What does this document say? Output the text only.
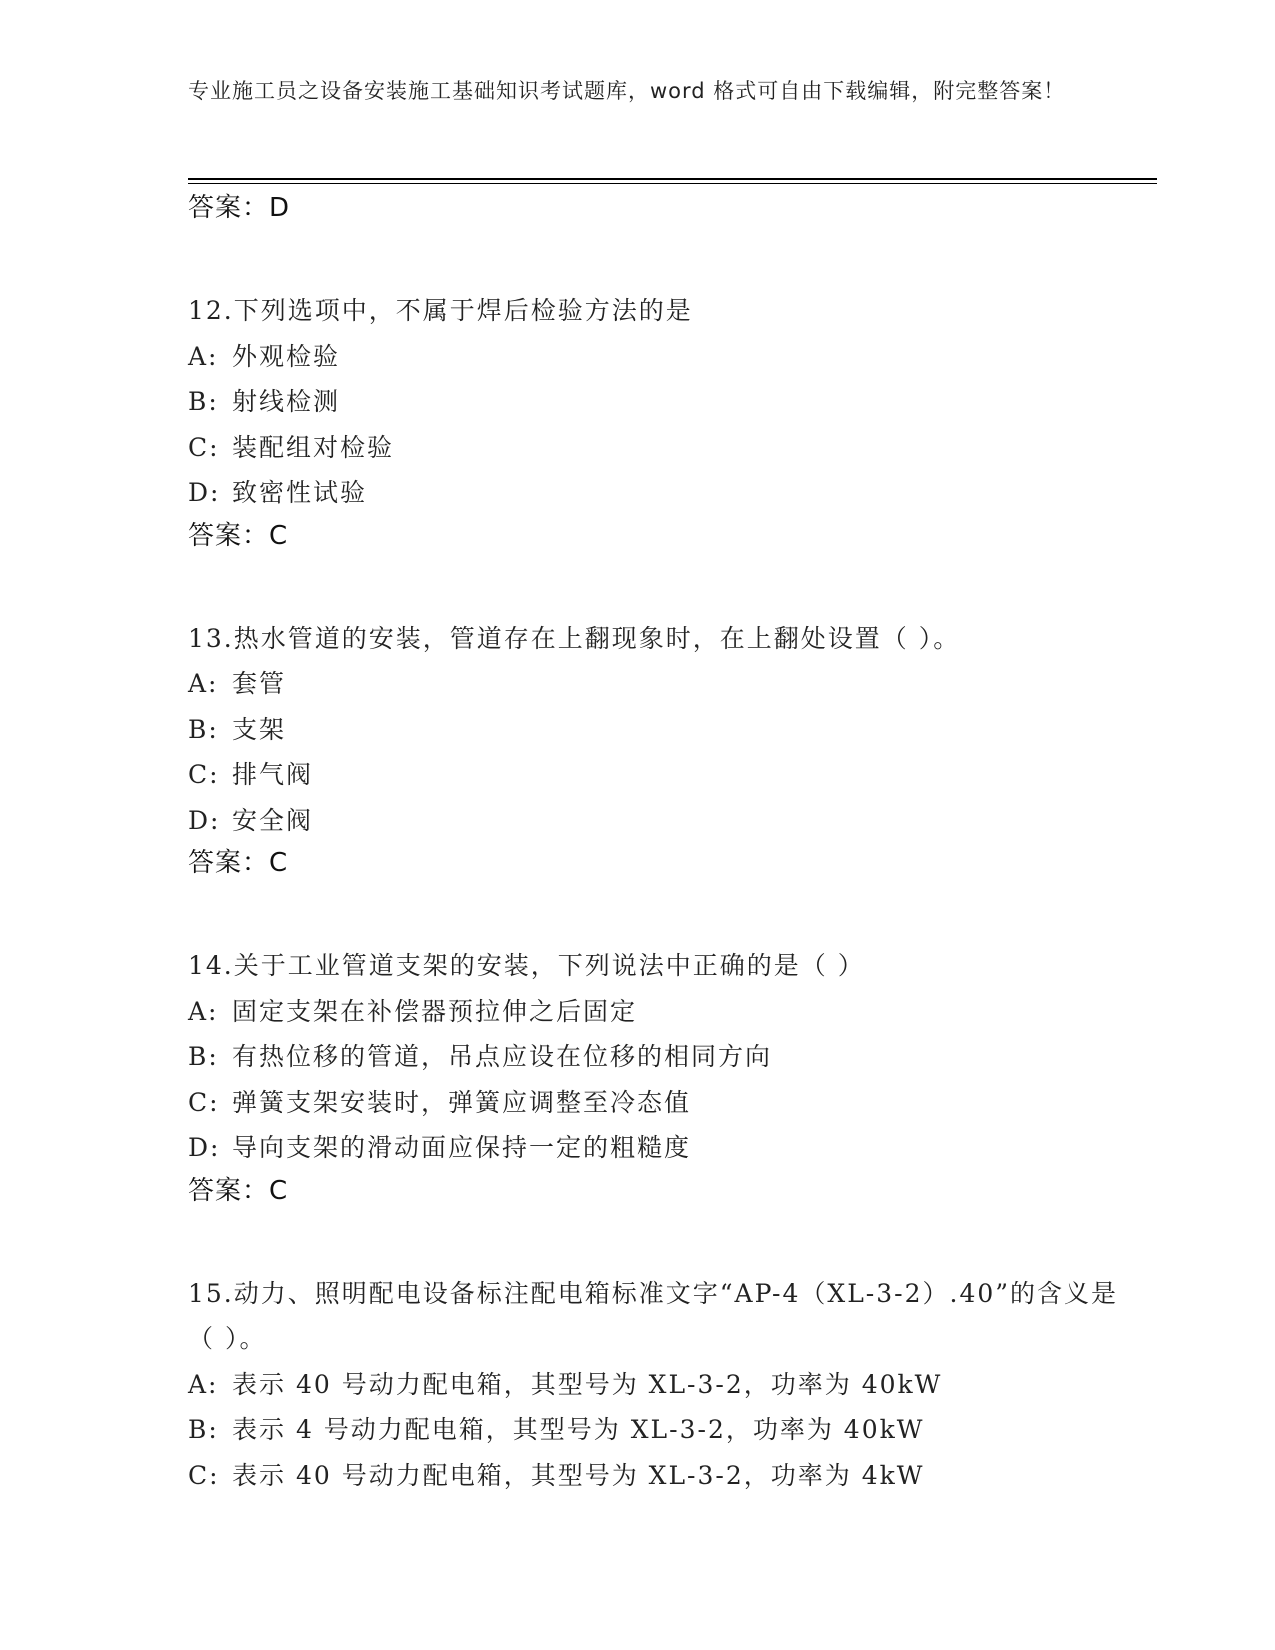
专业施工员之设备安装施工基础知识考试题库，word 格式可自由下载编辑，附完整答案！

答案：D

12.下列选项中，不属于焊后检验方法的是

A: 外观检验

B: 射线检测

C: 装配组对检验

D: 致密性试验

答案：C

13.热水管道的安装，管道存在上翻现象时，在上翻处设置（ ）。

A: 套管

B: 支架

C: 排气阀

D: 安全阀

答案：C

14.关于工业管道支架的安装，下列说法中正确的是（ ）

A: 固定支架在补偿器预拉伸之后固定

B: 有热位移的管道，吊点应设在位移的相同方向

C: 弹簧支架安装时，弹簧应调整至冷态值

D: 导向支架的滑动面应保持一定的粗糙度

答案：C

15.动力、照明配电设备标注配电箱标准文字“AP-4（XL-3-2）.40”的含义是（ ）。

A: 表示 40 号动力配电箱，其型号为 XL-3-2，功率为 40kW

B: 表示 4 号动力配电箱，其型号为 XL-3-2，功率为 40kW

C: 表示 40 号动力配电箱，其型号为 XL-3-2，功率为 4kW
